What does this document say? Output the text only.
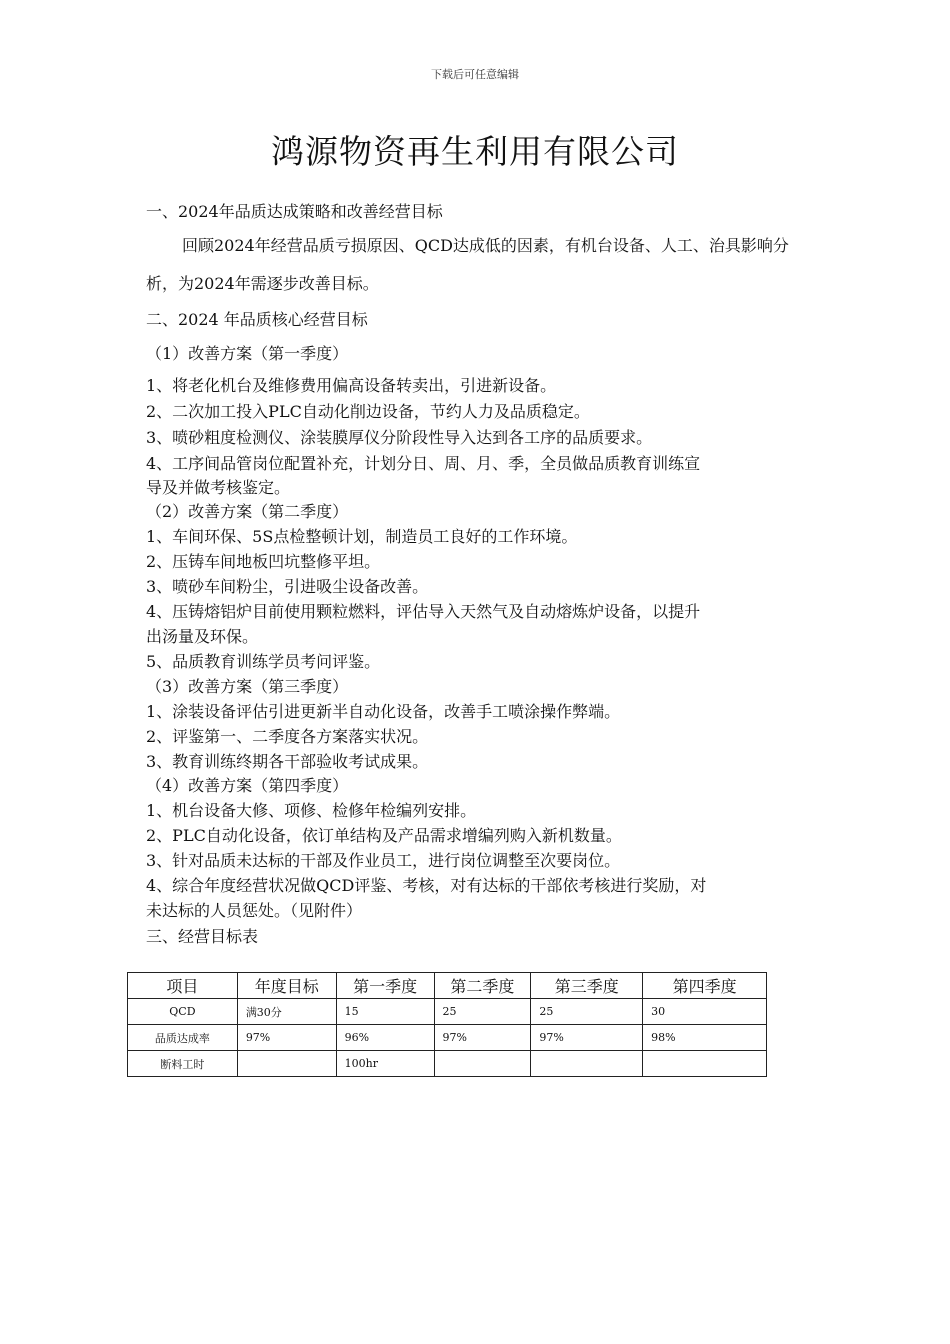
下载后可任意编辑
鸿源物资再生利用有限公司
一、2024年品质达成策略和改善经营目标
回顾2024年经营品质亏损原因、QCD达成低的因素，有机台设备、人工、治具影响分析，为2024年需逐步改善目标。
二、2024 年品质核心经营目标
（1）改善方案（第一季度）
1、将老化机台及维修费用偏高设备转卖出，引进新设备。
2、二次加工投入PLC自动化削边设备，节约人力及品质稳定。
3、喷砂粗度检测仪、涂装膜厚仪分阶段性导入达到各工序的品质要求。
4、工序间品管岗位配置补充，计划分日、周、月、季，全员做品质教育训练宣
导及并做考核鉴定。
（2）改善方案（第二季度）
1、车间环保、5S点检整顿计划，制造员工良好的工作环境。
2、压铸车间地板凹坑整修平坦。
3、喷砂车间粉尘，引进吸尘设备改善。
4、压铸熔铝炉目前使用颗粒燃料，评估导入天然气及自动熔炼炉设备，以提升
出汤量及环保。
5、品质教育训练学员考问评鉴。
（3）改善方案（第三季度）
1、涂装设备评估引进更新半自动化设备，改善手工喷涂操作弊端。
2、评鉴第一、二季度各方案落实状况。
3、教育训练终期各干部验收考试成果。
（4）改善方案（第四季度）
1、机台设备大修、项修、检修年检编列安排。
2、PLC自动化设备，依订单结构及产品需求增编列购入新机数量。
3、针对品质未达标的干部及作业员工，进行岗位调整至次要岗位。
4、综合年度经营状况做QCD评鉴、考核，对有达标的干部依考核进行奖励，对
未达标的人员惩处。（见附件）
三、经营目标表
项目	年度目标	第一季度	第二季度	第三季度	第四季度
QCD	满30分	15	25	25	30
品质达成率	97%	96%	97%	97%	98%
断料工时		100hr			
